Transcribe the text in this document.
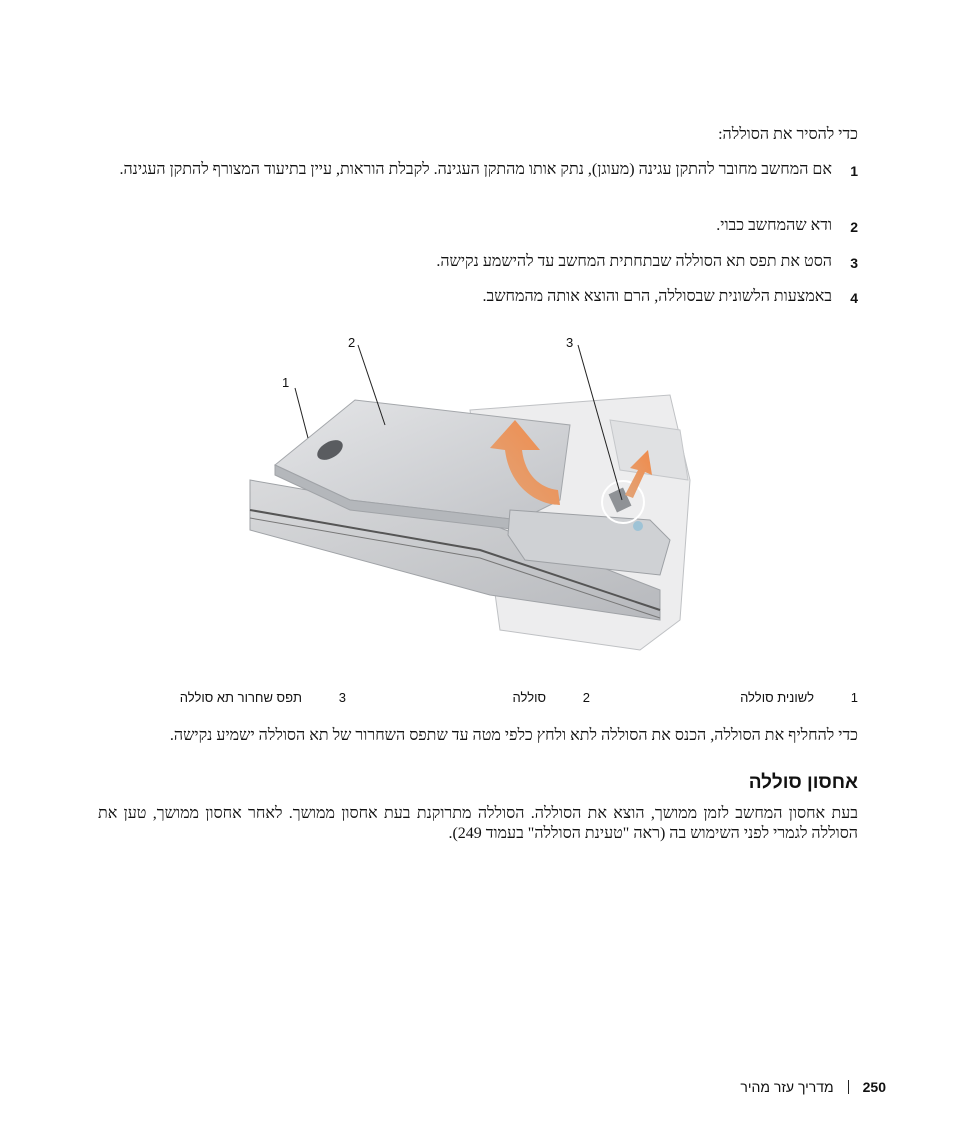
כדי להסיר את הסוללה:
1
אם המחשב מחובר להתקן עגינה (מעוגן), נתק אותו מהתקן העגינה. לקבלת הוראות, עיין בתיעוד המצורף להתקן העגינה.
2
ודא שהמחשב כבוי.
3
הסט את תפס תא הסוללה שבתחתית המחשב עד להישמע נקישה.
4
באמצעות הלשונית שבסוללה, הרם והוצא אותה מהמחשב.
1
2	3
1
לשונית סוללה
2
סוללה
3
תפס שחרור תא סוללה
כדי להחליף את הסוללה, הכנס את הסוללה לתא ולחץ כלפי מטה עד שתפס השחרור של תא הסוללה ישמיע נקישה.
אחסון סוללה
בעת אחסון המחשב לזמן ממושך, הוצא את הסוללה. הסוללה מתרוקנת בעת אחסון ממושך. לאחר אחסון ממושך, טען את הסוללה לגמרי לפני השימוש בה (ראה "טעינת הסוללה" בעמוד 249).
250
מדריך עזר מהיר
